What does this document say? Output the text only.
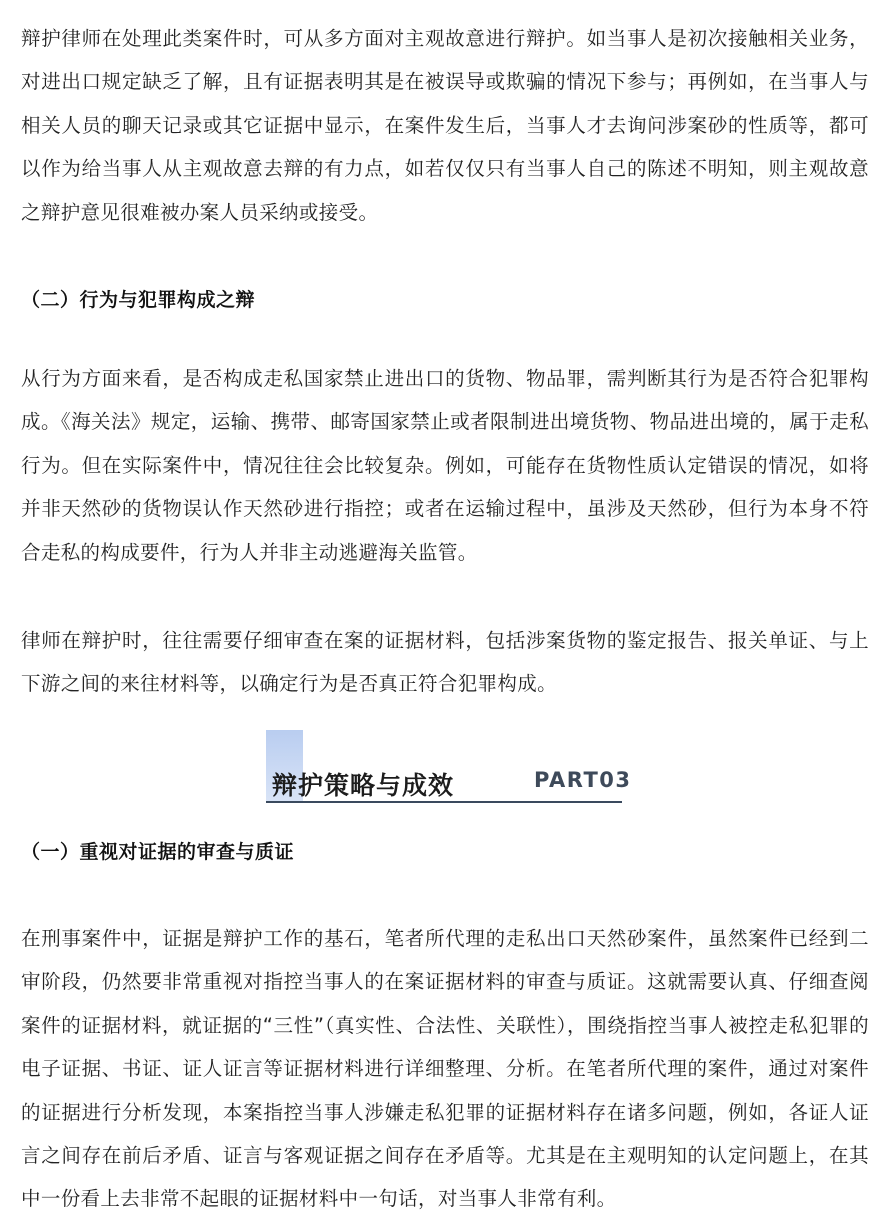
辩护律师在处理此类案件时，可从多方面对主观故意进行辩护。如当事人是初次接触相关业务，对进出口规定缺乏了解，且有证据表明其是在被误导或欺骗的情况下参与；再例如，在当事人与相关人员的聊天记录或其它证据中显示，在案件发生后，当事人才去询问涉案砂的性质等，都可以作为给当事人从主观故意去辩的有力点，如若仅仅只有当事人自己的陈述不明知，则主观故意之辩护意见很难被办案人员采纳或接受。

（二）行为与犯罪构成之辩

从行为方面来看，是否构成走私国家禁止进出口的货物、物品罪，需判断其行为是否符合犯罪构成。《海关法》规定，运输、携带、邮寄国家禁止或者限制进出境货物、物品进出境的，属于走私行为。但在实际案件中，情况往往会比较复杂。例如，可能存在货物性质认定错误的情况，如将并非天然砂的货物误认作天然砂进行指控；或者在运输过程中，虽涉及天然砂，但行为本身不符合走私的构成要件，行为人并非主动逃避海关监管。

律师在辩护时，往往需要仔细审查在案的证据材料，包括涉案货物的鉴定报告、报关单证、与上下游之间的来往材料等，以确定行为是否真正符合犯罪构成。

辩护策略与成效	PART03

（一）重视对证据的审查与质证

在刑事案件中，证据是辩护工作的基石，笔者所代理的走私出口天然砂案件，虽然案件已经到二审阶段，仍然要非常重视对指控当事人的在案证据材料的审查与质证。这就需要认真、仔细查阅案件的证据材料，就证据的“三性”（真实性、合法性、关联性），围绕指控当事人被控走私犯罪的电子证据、书证、证人证言等证据材料进行详细整理、分析。在笔者所代理的案件，通过对案件的证据进行分析发现，本案指控当事人涉嫌走私犯罪的证据材料存在诸多问题，例如，各证人证言之间存在前后矛盾、证言与客观证据之间存在矛盾等。尤其是在主观明知的认定问题上，在其中一份看上去非常不起眼的证据材料中一句话，对当事人非常有利。
